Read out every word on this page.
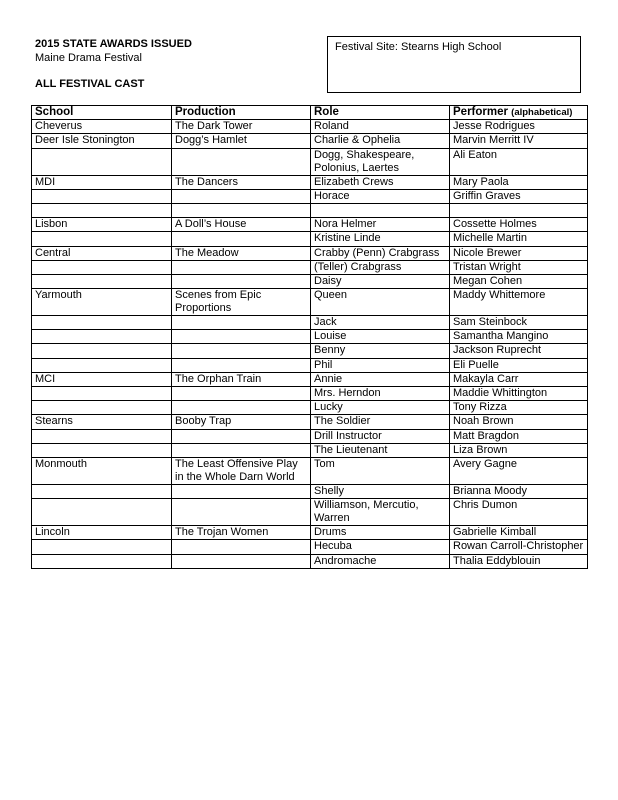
2015 STATE AWARDS ISSUED
Maine Drama Festival
ALL FESTIVAL CAST
Festival Site: Stearns High School
School	Production	Role	Performer (alphabetical)
Cheverus	The Dark Tower	Roland	Jesse Rodrigues
Deer Isle Stonington	Dogg’s Hamlet	Charlie & Ophelia	Marvin Merritt IV
		Dogg, Shakespeare, Polonius, Laertes	Ali Eaton
MDI	The Dancers	Elizabeth Crews	Mary Paola
		Horace	Griffin Graves

Lisbon	A Doll’s House	Nora Helmer	Cossette Holmes
		Kristine Linde	Michelle Martin
Central	The Meadow	Crabby (Penn) Crabgrass	Nicole Brewer
		(Teller) Crabgrass	Tristan Wright
		Daisy	Megan Cohen
Yarmouth	Scenes from Epic Proportions	Queen	Maddy Whittemore
		Jack	Sam Steinbock
		Louise	Samantha Mangino
		Benny	Jackson Ruprecht
		Phil	Eli Puelle
MCI	The Orphan Train	Annie	Makayla Carr
		Mrs. Herndon	Maddie Whittington
		Lucky	Tony Rizza
Stearns	Booby Trap	The Soldier	Noah Brown
		Drill Instructor	Matt Bragdon
		The Lieutenant	Liza Brown
Monmouth	The Least Offensive Play in the Whole Darn World	Tom	Avery Gagne
		Shelly	Brianna Moody
		Williamson, Mercutio, Warren	Chris Dumon
Lincoln	The Trojan Women	Drums	Gabrielle Kimball
		Hecuba	Rowan Carroll-Christopher
		Andromache	Thalia Eddyblouin
